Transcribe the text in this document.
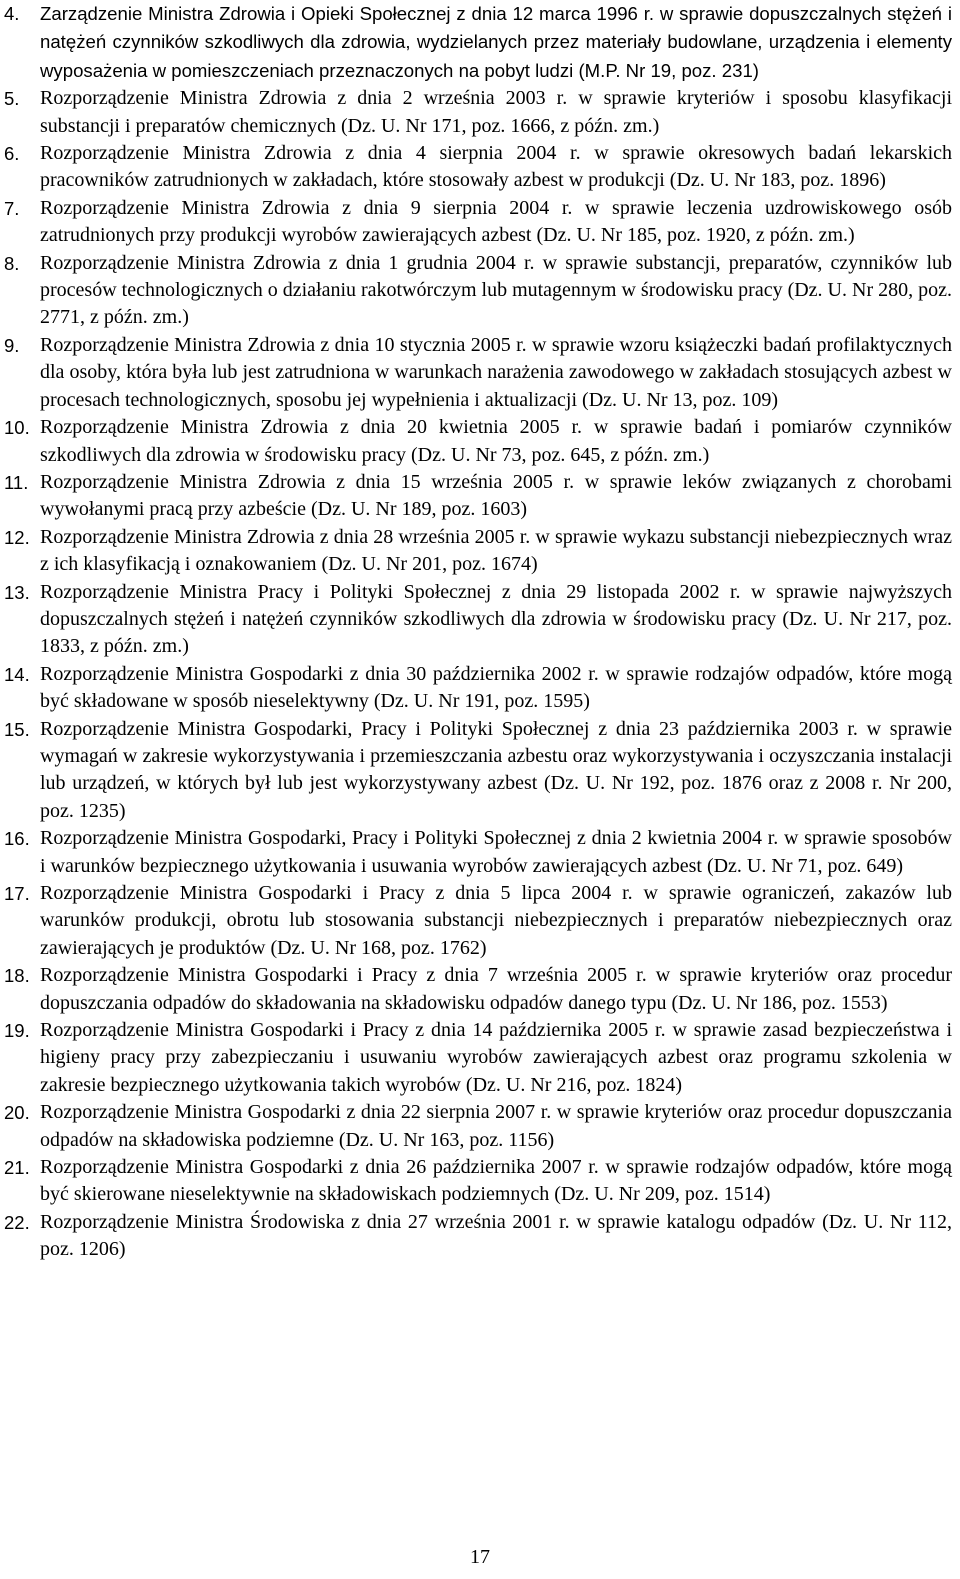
4. Zarządzenie Ministra Zdrowia i Opieki Społecznej z dnia 12 marca 1996 r. w sprawie dopuszczalnych stężeń i natężeń czynników szkodliwych dla zdrowia, wydzielanych przez materiały budowlane, urządzenia i elementy wyposażenia w pomieszczeniach przeznaczonych na pobyt ludzi (M.P. Nr 19, poz. 231)
5. Rozporządzenie Ministra Zdrowia z dnia 2 września 2003 r. w sprawie kryteriów i sposobu klasyfikacji substancji i preparatów chemicznych (Dz. U. Nr 171, poz. 1666, z późn. zm.)
6. Rozporządzenie Ministra Zdrowia z dnia 4 sierpnia 2004 r. w sprawie okresowych badań lekarskich pracowników zatrudnionych w zakładach, które stosowały azbest w produkcji (Dz. U. Nr 183, poz. 1896)
7. Rozporządzenie Ministra Zdrowia z dnia 9 sierpnia 2004 r. w sprawie leczenia uzdrowiskowego osób zatrudnionych przy produkcji wyrobów zawierających azbest (Dz. U. Nr 185, poz. 1920, z późn. zm.)
8. Rozporządzenie Ministra Zdrowia z dnia 1 grudnia 2004 r. w sprawie substancji, preparatów, czynników lub procesów technologicznych o działaniu rakotwórczym lub mutagennym w środowisku pracy (Dz. U. Nr 280, poz. 2771, z późn. zm.)
9. Rozporządzenie Ministra Zdrowia z dnia 10 stycznia 2005 r. w sprawie wzoru książeczki badań profilaktycznych dla osoby, która była lub jest zatrudniona w warunkach narażenia zawodowego w zakładach stosujących azbest w procesach technologicznych, sposobu jej wypełnienia i aktualizacji (Dz. U. Nr 13, poz. 109)
10. Rozporządzenie Ministra Zdrowia z dnia 20 kwietnia 2005 r. w sprawie badań i pomiarów czynników szkodliwych dla zdrowia w środowisku pracy (Dz. U. Nr 73, poz. 645, z późn. zm.)
11. Rozporządzenie Ministra Zdrowia z dnia 15 września 2005 r. w sprawie leków związanych z chorobami wywołanymi pracą przy azbeście (Dz. U. Nr 189, poz. 1603)
12. Rozporządzenie Ministra Zdrowia z dnia 28 września 2005 r. w sprawie wykazu substancji niebezpiecznych wraz z ich klasyfikacją i oznakowaniem (Dz. U. Nr 201, poz. 1674)
13. Rozporządzenie Ministra Pracy i Polityki Społecznej z dnia 29 listopada 2002 r. w sprawie najwyższych dopuszczalnych stężeń i natężeń czynników szkodliwych dla zdrowia w środowisku pracy (Dz. U. Nr 217, poz. 1833, z późn. zm.)
14. Rozporządzenie Ministra Gospodarki z dnia 30 października 2002 r. w sprawie rodzajów odpadów, które mogą być składowane w sposób nieselektywny (Dz. U. Nr 191, poz. 1595)
15. Rozporządzenie Ministra Gospodarki, Pracy i Polityki Społecznej z dnia 23 października 2003 r. w sprawie wymagań w zakresie wykorzystywania i przemieszczania azbestu oraz wykorzystywania i oczyszczania instalacji lub urządzeń, w których był lub jest wykorzystywany azbest (Dz. U. Nr 192, poz. 1876 oraz z 2008 r. Nr 200, poz. 1235)
16. Rozporządzenie Ministra Gospodarki, Pracy i Polityki Społecznej z dnia 2 kwietnia 2004 r. w sprawie sposobów i warunków bezpiecznego użytkowania i usuwania wyrobów zawierających azbest (Dz. U. Nr 71, poz. 649)
17. Rozporządzenie Ministra Gospodarki i Pracy z dnia 5 lipca 2004 r. w sprawie ograniczeń, zakazów lub warunków produkcji, obrotu lub stosowania substancji niebezpiecznych i preparatów niebezpiecznych oraz zawierających je produktów (Dz. U. Nr 168, poz. 1762)
18. Rozporządzenie Ministra Gospodarki i Pracy z dnia 7 września 2005 r. w sprawie kryteriów oraz procedur dopuszczania odpadów do składowania na składowisku odpadów danego typu (Dz. U. Nr 186, poz. 1553)
19. Rozporządzenie Ministra Gospodarki i Pracy z dnia 14 października 2005 r. w sprawie zasad bezpieczeństwa i higieny pracy przy zabezpieczaniu i usuwaniu wyrobów zawierających azbest oraz programu szkolenia w zakresie bezpiecznego użytkowania takich wyrobów (Dz. U. Nr 216, poz. 1824)
20. Rozporządzenie Ministra Gospodarki z dnia 22 sierpnia 2007 r. w sprawie kryteriów oraz procedur dopuszczania odpadów na składowiska podziemne (Dz. U. Nr 163, poz. 1156)
21. Rozporządzenie Ministra Gospodarki z dnia 26 października 2007 r. w sprawie rodzajów odpadów, które mogą być skierowane nieselektywnie na składowiskach podziemnych (Dz. U. Nr 209, poz. 1514)
22. Rozporządzenie Ministra Środowiska z dnia 27 września 2001 r. w sprawie katalogu odpadów (Dz. U. Nr 112, poz. 1206)
17
